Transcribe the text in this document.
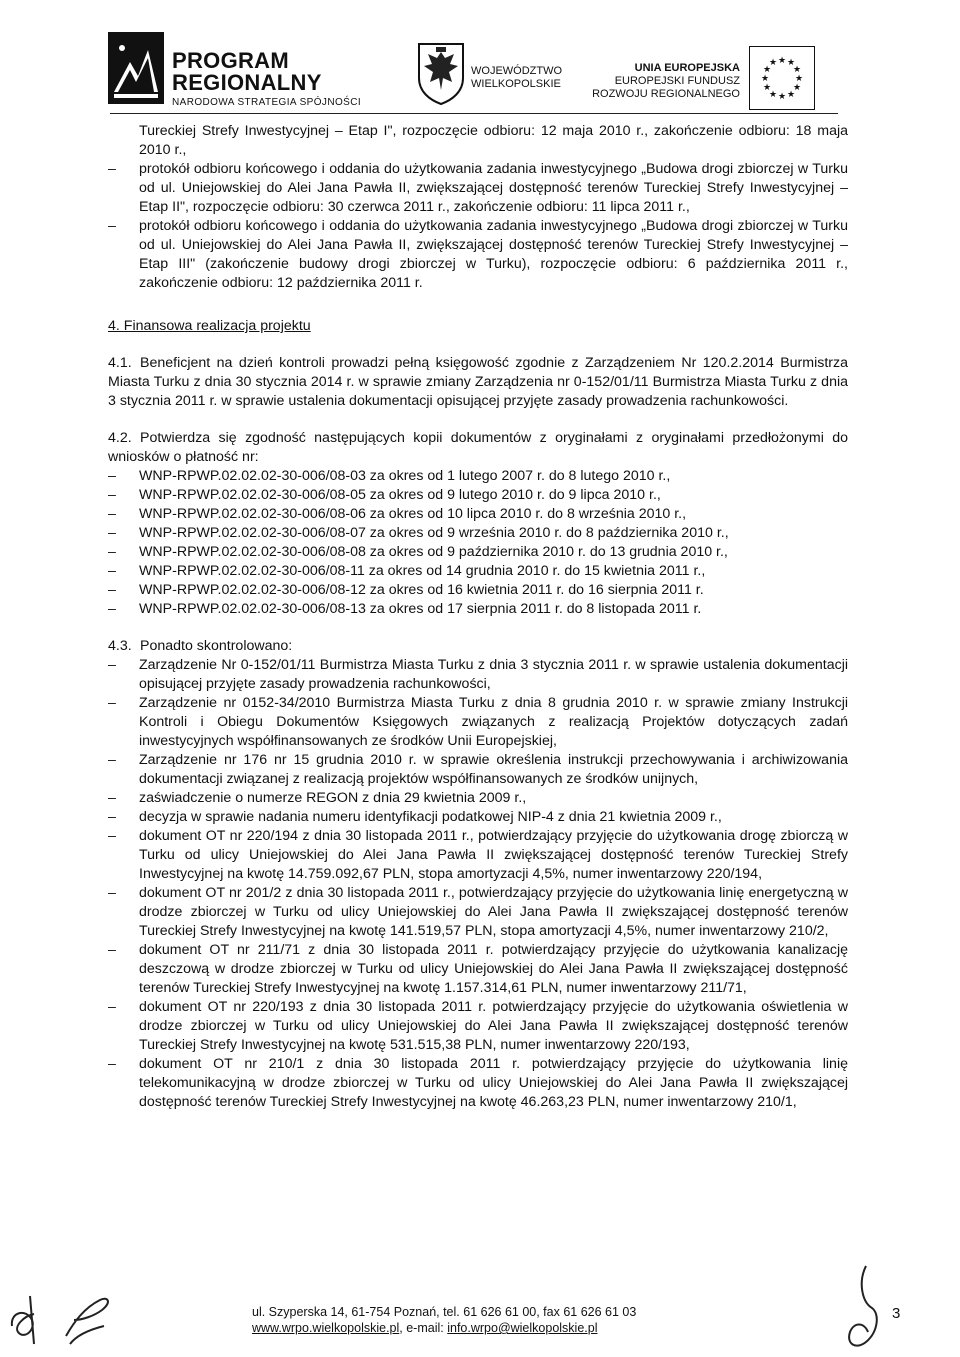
PROGRAM
REGIONALNY
NARODOWA STRATEGIA SPÓJNOŚCI
WOJEWÓDZTWO
WIELKOPOLSKIE
UNIA EUROPEJSKA
EUROPEJSKI FUNDUSZ
ROZWOJU REGIONALNEGO
★ ★
★
★
★
★
★
★
★
★
★
★
Tureckiej Strefy Inwestycyjnej – Etap I", rozpoczęcie odbioru: 12 maja 2010 r., zakończenie odbioru: 18 maja 2010 r.,
– protokół odbioru końcowego i oddania do użytkowania zadania inwestycyjnego „Budowa drogi zbiorczej w Turku od ul. Uniejowskiej do Alei Jana Pawła II, zwiększającej dostępność terenów Tureckiej Strefy Inwestycyjnej – Etap II", rozpoczęcie odbioru: 30 czerwca 2011 r., zakończenie odbioru: 11 lipca 2011 r.,
– protokół odbioru końcowego i oddania do użytkowania zadania inwestycyjnego „Budowa drogi zbiorczej w Turku od ul. Uniejowskiej do Alei Jana Pawła II, zwiększającej dostępność terenów Tureckiej Strefy Inwestycyjnej – Etap III" (zakończenie budowy drogi zbiorczej w Turku), rozpoczęcie odbioru: 6 października 2011 r., zakończenie odbioru: 12 października 2011 r.

4. Finansowa realizacja projektu

4.1. Beneficjent na dzień kontroli prowadzi pełną księgowość zgodnie z Zarządzeniem Nr 120.2.2014 Burmistrza Miasta Turku z dnia 30 stycznia 2014 r. w sprawie zmiany Zarządzenia nr 0-152/01/11 Burmistrza Miasta Turku z dnia 3 stycznia 2011 r. w sprawie ustalenia dokumentacji opisującej przyjęte zasady prowadzenia rachunkowości.

4.2. Potwierdza się zgodność następujących kopii dokumentów z oryginałami z oryginałami przedłożonymi do wniosków o płatność nr:

– WNP-RPWP.02.02.02-30-006/08-03 za okres od 1 lutego 2007 r. do 8 lutego 2010 r.,
– WNP-RPWP.02.02.02-30-006/08-05 za okres od 9 lutego 2010 r. do 9 lipca 2010 r.,
– WNP-RPWP.02.02.02-30-006/08-06 za okres od 10 lipca 2010 r. do 8 września 2010 r.,
– WNP-RPWP.02.02.02-30-006/08-07 za okres od 9 września 2010 r. do 8 października 2010 r.,
– WNP-RPWP.02.02.02-30-006/08-08 za okres od 9 października 2010 r. do 13 grudnia 2010 r.,
– WNP-RPWP.02.02.02-30-006/08-11 za okres od 14 grudnia 2010 r. do 15 kwietnia 2011 r.,
– WNP-RPWP.02.02.02-30-006/08-12 za okres od 16 kwietnia 2011 r. do 16 sierpnia 2011 r.
– WNP-RPWP.02.02.02-30-006/08-13 za okres od 17 sierpnia 2011 r. do 8 listopada 2011 r.

4.3. Ponadto skontrolowano:

– Zarządzenie Nr 0-152/01/11 Burmistrza Miasta Turku z dnia 3 stycznia 2011 r. w sprawie ustalenia dokumentacji opisującej przyjęte zasady prowadzenia rachunkowości,
– Zarządzenie nr 0152-34/2010 Burmistrza Miasta Turku z dnia 8 grudnia 2010 r. w sprawie zmiany Instrukcji Kontroli i Obiegu Dokumentów Księgowych związanych z realizacją Projektów dotyczących zadań inwestycyjnych współfinansowanych ze środków Unii Europejskiej,
– Zarządzenie nr 176 nr 15 grudnia 2010 r. w sprawie określenia instrukcji przechowywania i archiwizowania dokumentacji związanej z realizacją projektów współfinansowanych ze środków unijnych,
– zaświadczenie o numerze REGON z dnia 29 kwietnia 2009 r.,
– decyzja w sprawie nadania numeru identyfikacji podatkowej NIP-4 z dnia 21 kwietnia 2009 r.,
– dokument OT nr 220/194 z dnia 30 listopada 2011 r., potwierdzający przyjęcie do użytkowania drogę zbiorczą w Turku od ulicy Uniejowskiej do Alei Jana Pawła II zwiększającej dostępność terenów Tureckiej Strefy Inwestycyjnej na kwotę 14.759.092,67 PLN, stopa amortyzacji 4,5%, numer inwentarzowy 220/194,
– dokument OT nr 201/2 z dnia 30 listopada 2011 r., potwierdzający przyjęcie do użytkowania linię energetyczną w drodze zbiorczej w Turku od ulicy Uniejowskiej do Alei Jana Pawła II zwiększającej dostępność terenów Tureckiej Strefy Inwestycyjnej na kwotę 141.519,57 PLN, stopa amortyzacji 4,5%, numer inwentarzowy 210/2,
– dokument OT nr 211/71 z dnia 30 listopada 2011 r. potwierdzający przyjęcie do użytkowania kanalizację deszczową w drodze zbiorczej w Turku od ulicy Uniejowskiej do Alei Jana Pawła II zwiększającej dostępność terenów Tureckiej Strefy Inwestycyjnej na kwotę 1.157.314,61 PLN, numer inwentarzowy 211/71,
– dokument OT nr 220/193 z dnia 30 listopada 2011 r. potwierdzający przyjęcie do użytkowania oświetlenia w drodze zbiorczej w Turku od ulicy Uniejowskiej do Alei Jana Pawła II zwiększającej dostępność terenów Tureckiej Strefy Inwestycyjnej na kwotę 531.515,38 PLN, numer inwentarzowy 220/193,
– dokument OT nr 210/1 z dnia 30 listopada 2011 r. potwierdzający przyjęcie do użytkowania linię telekomunikacyjną w drodze zbiorczej w Turku od ulicy Uniejowskiej do Alei Jana Pawła II zwiększającej dostępność terenów Tureckiej Strefy Inwestycyjnej na kwotę 46.263,23 PLN, numer inwentarzowy 210/1,
ul. Szyperska 14, 61-754 Poznań, tel. 61 626 61 00, fax 61 626 61 03
www.wrpo.wielkopolskie.pl, e-mail: info.wrpo@wielkopolskie.pl
3
